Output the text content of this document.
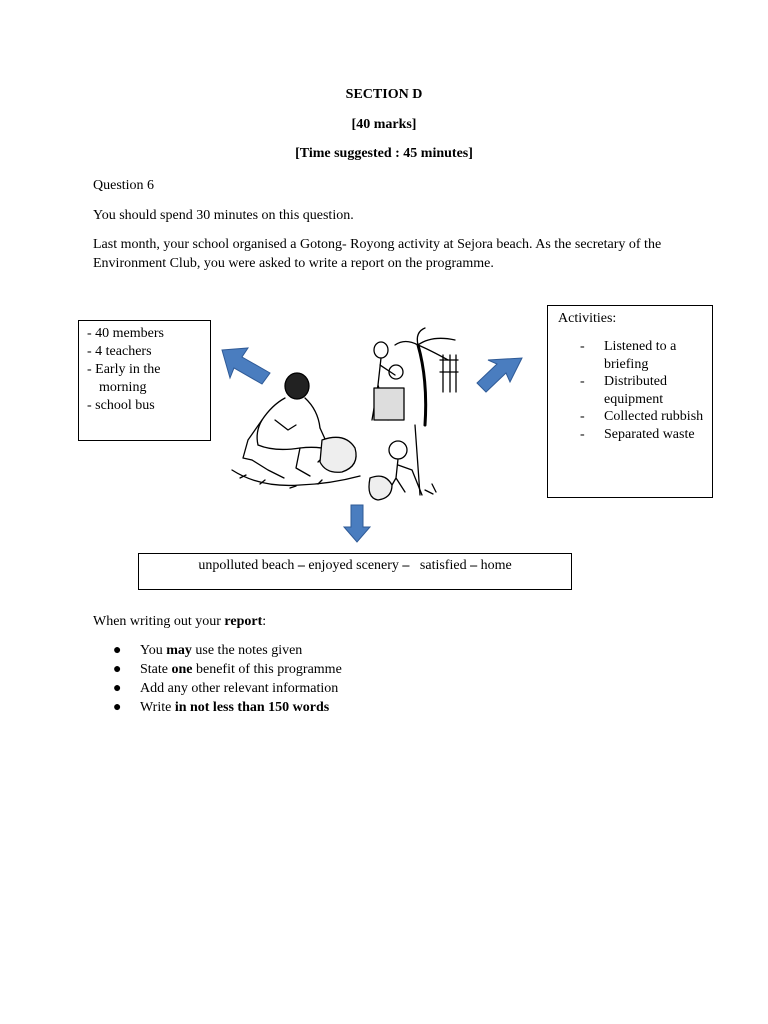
SECTION D
[40 marks]
[Time suggested : 45 minutes]
Question 6
You should spend 30 minutes on this question.
Last month, your school organised a Gotong- Royong activity at Sejora beach. As the secretary of the Environment Club, you were asked to write a report on the programme.
- 40 members
- 4 teachers
- Early in the
morning
- school bus
Activities:
- Listened to a briefing
- Distributed equipment
- Collected rubbish
- Separated waste
unpolluted beach – enjoyed scenery –   satisfied – home
When writing out your report:
● You may use the notes given
● State one benefit of this programme
● Add any other relevant information
● Write in not less than 150 words
